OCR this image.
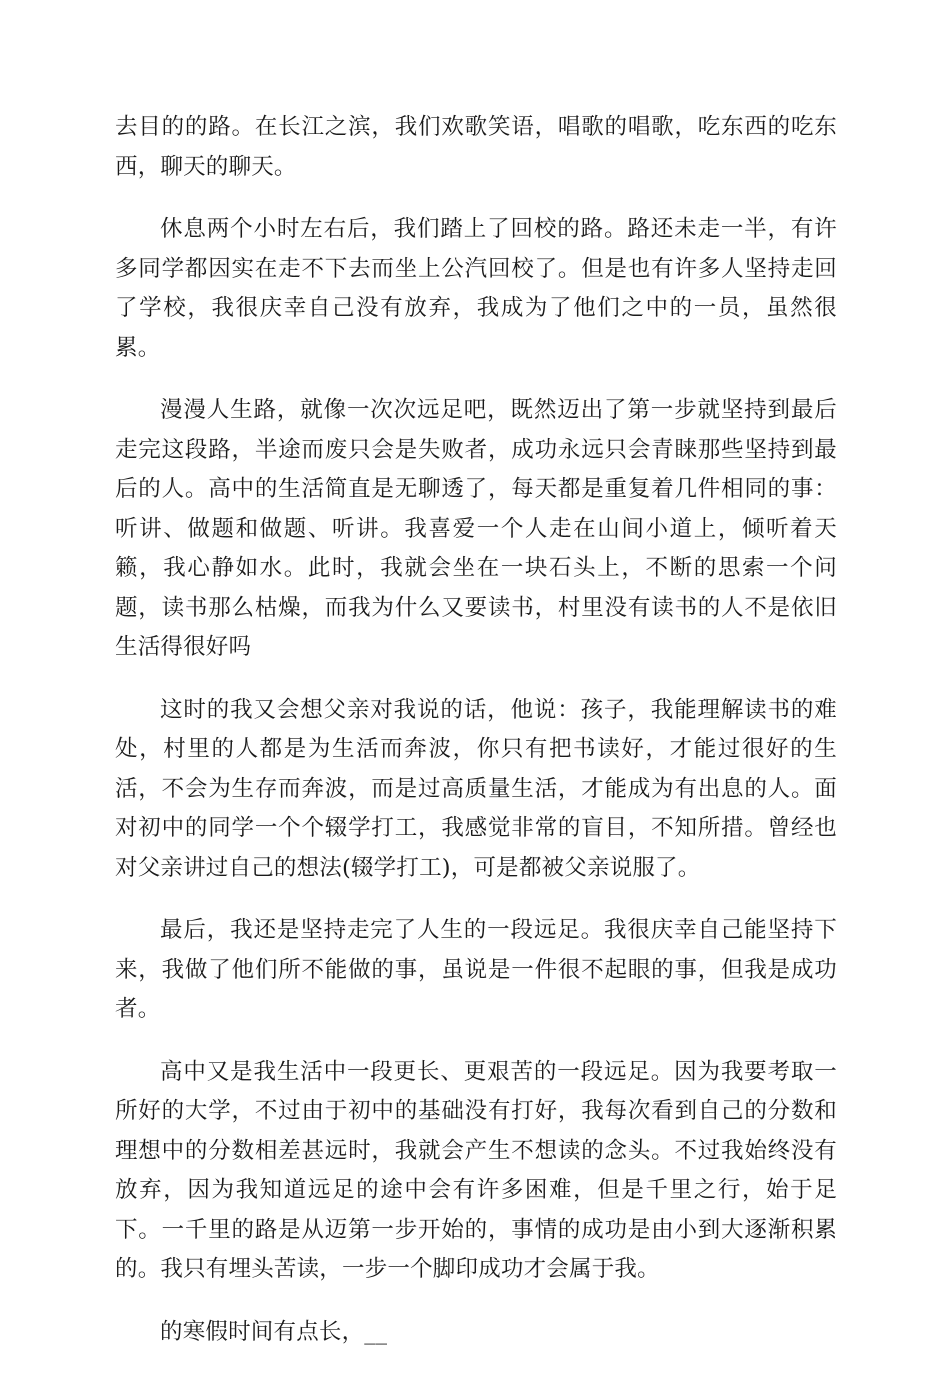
去目的的路。在长江之滨，我们欢歌笑语，唱歌的唱歌，吃东西的吃东西，聊天的聊天。

休息两个小时左右后，我们踏上了回校的路。路还未走一半，有许多同学都因实在走不下去而坐上公汽回校了。但是也有许多人坚持走回了学校，我很庆幸自己没有放弃，我成为了他们之中的一员，虽然很累。

漫漫人生路，就像一次次远足吧，既然迈出了第一步就坚持到最后走完这段路，半途而废只会是失败者，成功永远只会青睐那些坚持到最后的人。高中的生活简直是无聊透了，每天都是重复着几件相同的事：听讲、做题和做题、听讲。我喜爱一个人走在山间小道上，倾听着天籁，我心静如水。此时，我就会坐在一块石头上，不断的思索一个问题，读书那么枯燥，而我为什么又要读书，村里没有读书的人不是依旧生活得很好吗

这时的我又会想父亲对我说的话，他说：孩子，我能理解读书的难处，村里的人都是为生活而奔波，你只有把书读好，才能过很好的生活，不会为生存而奔波，而是过高质量生活，才能成为有出息的人。面对初中的同学一个个辍学打工，我感觉非常的盲目，不知所措。曾经也对父亲讲过自己的想法(辍学打工)，可是都被父亲说服了。

最后，我还是坚持走完了人生的一段远足。我很庆幸自己能坚持下来，我做了他们所不能做的事，虽说是一件很不起眼的事，但我是成功者。

高中又是我生活中一段更长、更艰苦的一段远足。因为我要考取一所好的大学，不过由于初中的基础没有打好，我每次看到自己的分数和理想中的分数相差甚远时，我就会产生不想读的念头。不过我始终没有放弃，因为我知道远足的途中会有许多困难，但是千里之行，始于足下。一千里的路是从迈第一步开始的，事情的成功是由小到大逐渐积累的。我只有埋头苦读，一步一个脚印成功才会属于我。

的寒假时间有点长，__
